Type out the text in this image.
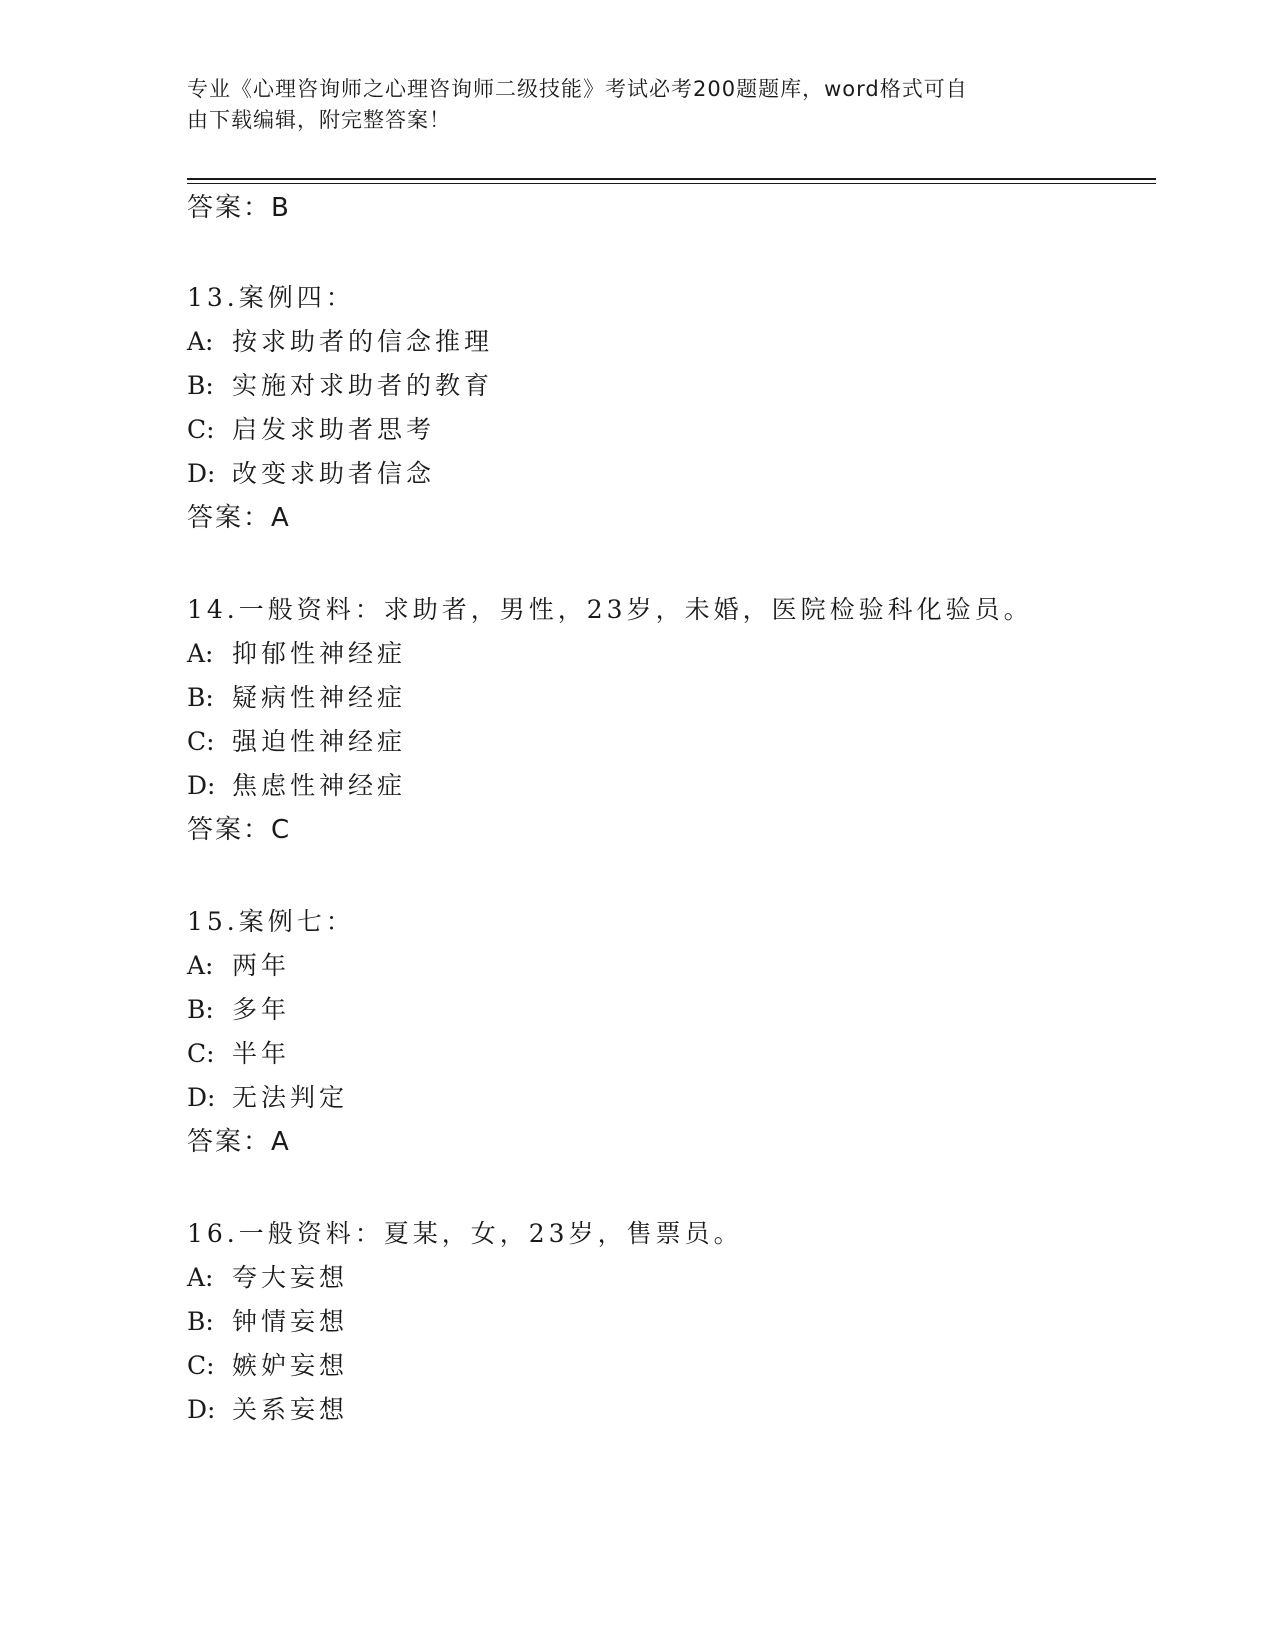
专业《心理咨询师之心理咨询师二级技能》考试必考200题题库，word格式可自
由下载编辑，附完整答案！
答案：B
13.案例四：
A: 按求助者的信念推理
B: 实施对求助者的教育
C: 启发求助者思考
D: 改变求助者信念
答案：A
14.一般资料：求助者，男性，23岁，未婚，医院检验科化验员。
A: 抑郁性神经症
B: 疑病性神经症
C: 强迫性神经症
D: 焦虑性神经症
答案：C
15.案例七：
A: 两年
B: 多年
C: 半年
D: 无法判定
答案：A
16.一般资料：夏某，女，23岁，售票员。
A: 夸大妄想
B: 钟情妄想
C: 嫉妒妄想
D: 关系妄想
